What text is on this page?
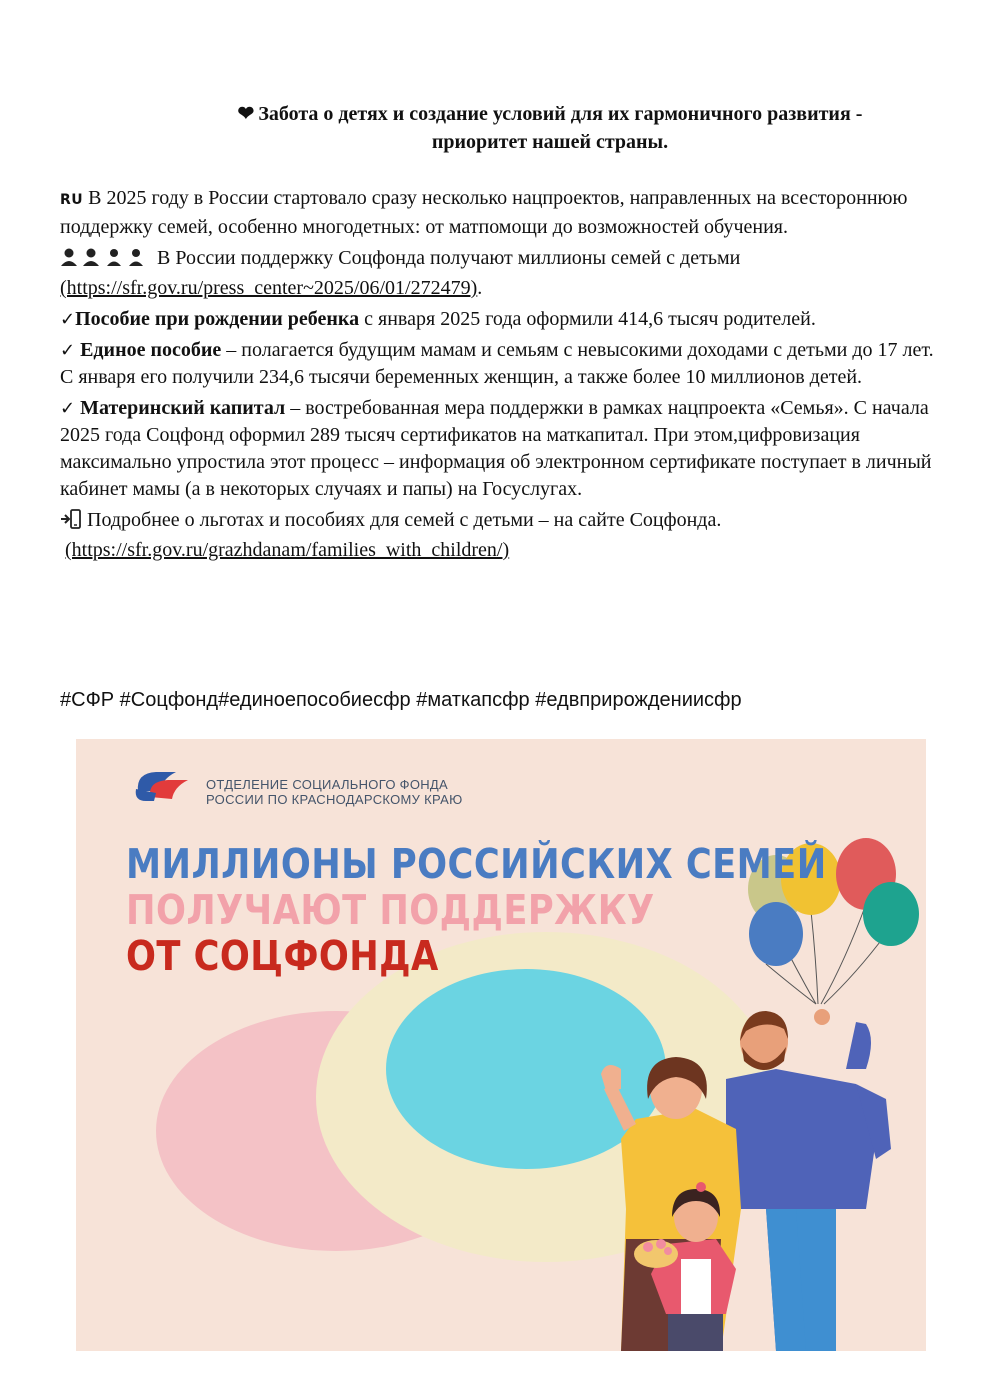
❤ Забота о детях и создание условий для их гармоничного развития -
приоритет нашей страны.

RU В 2025 году в России стартовало сразу несколько нацпроектов, направленных на всестороннюю поддержку семей, особенно многодетных: от матпомощи до возможностей обучения.

В России поддержку Соцфонда получают миллионы семей с детьми (https://sfr.gov.ru/press_center~2025/06/01/272479).

✓Пособие при рождении ребенка с января 2025 года оформили 414,6 тысяч родителей.

✓ Единое пособие – полагается будущим мамам и семьям с невысокими доходами с детьми до 17 лет. С января его получили 234,6 тысячи беременных женщин, а также более 10 миллионов детей.

✓ Материнский капитал – востребованная мера поддержки в рамках нацпроекта «Семья». С начала 2025 года Соцфонд оформил 289 тысяч сертификатов на маткапитал. При этом,цифровизация максимально упростила этот процесс – информация об электронном сертификате поступает в личный кабинет мамы (а в некоторых случаях и папы) на Госуслугах.

Подробнее о льготах и пособиях для семей с детьми – на сайте Соцфонда.
(https://sfr.gov.ru/grazhdanam/families_with_children/)

#СФР #Соцфонд#единоепособиесфр #маткапсфр #едвприрождениисфр
ОТДЕЛЕНИЕ СОЦИАЛЬНОГО ФОНДА
РОССИИ ПО КРАСНОДАРСКОМУ КРАЮ
МИЛЛИОНЫ РОССИЙСКИХ СЕМЕЙ
ПОЛУЧАЮТ ПОДДЕРЖКУ
ОТ СОЦФОНДА
